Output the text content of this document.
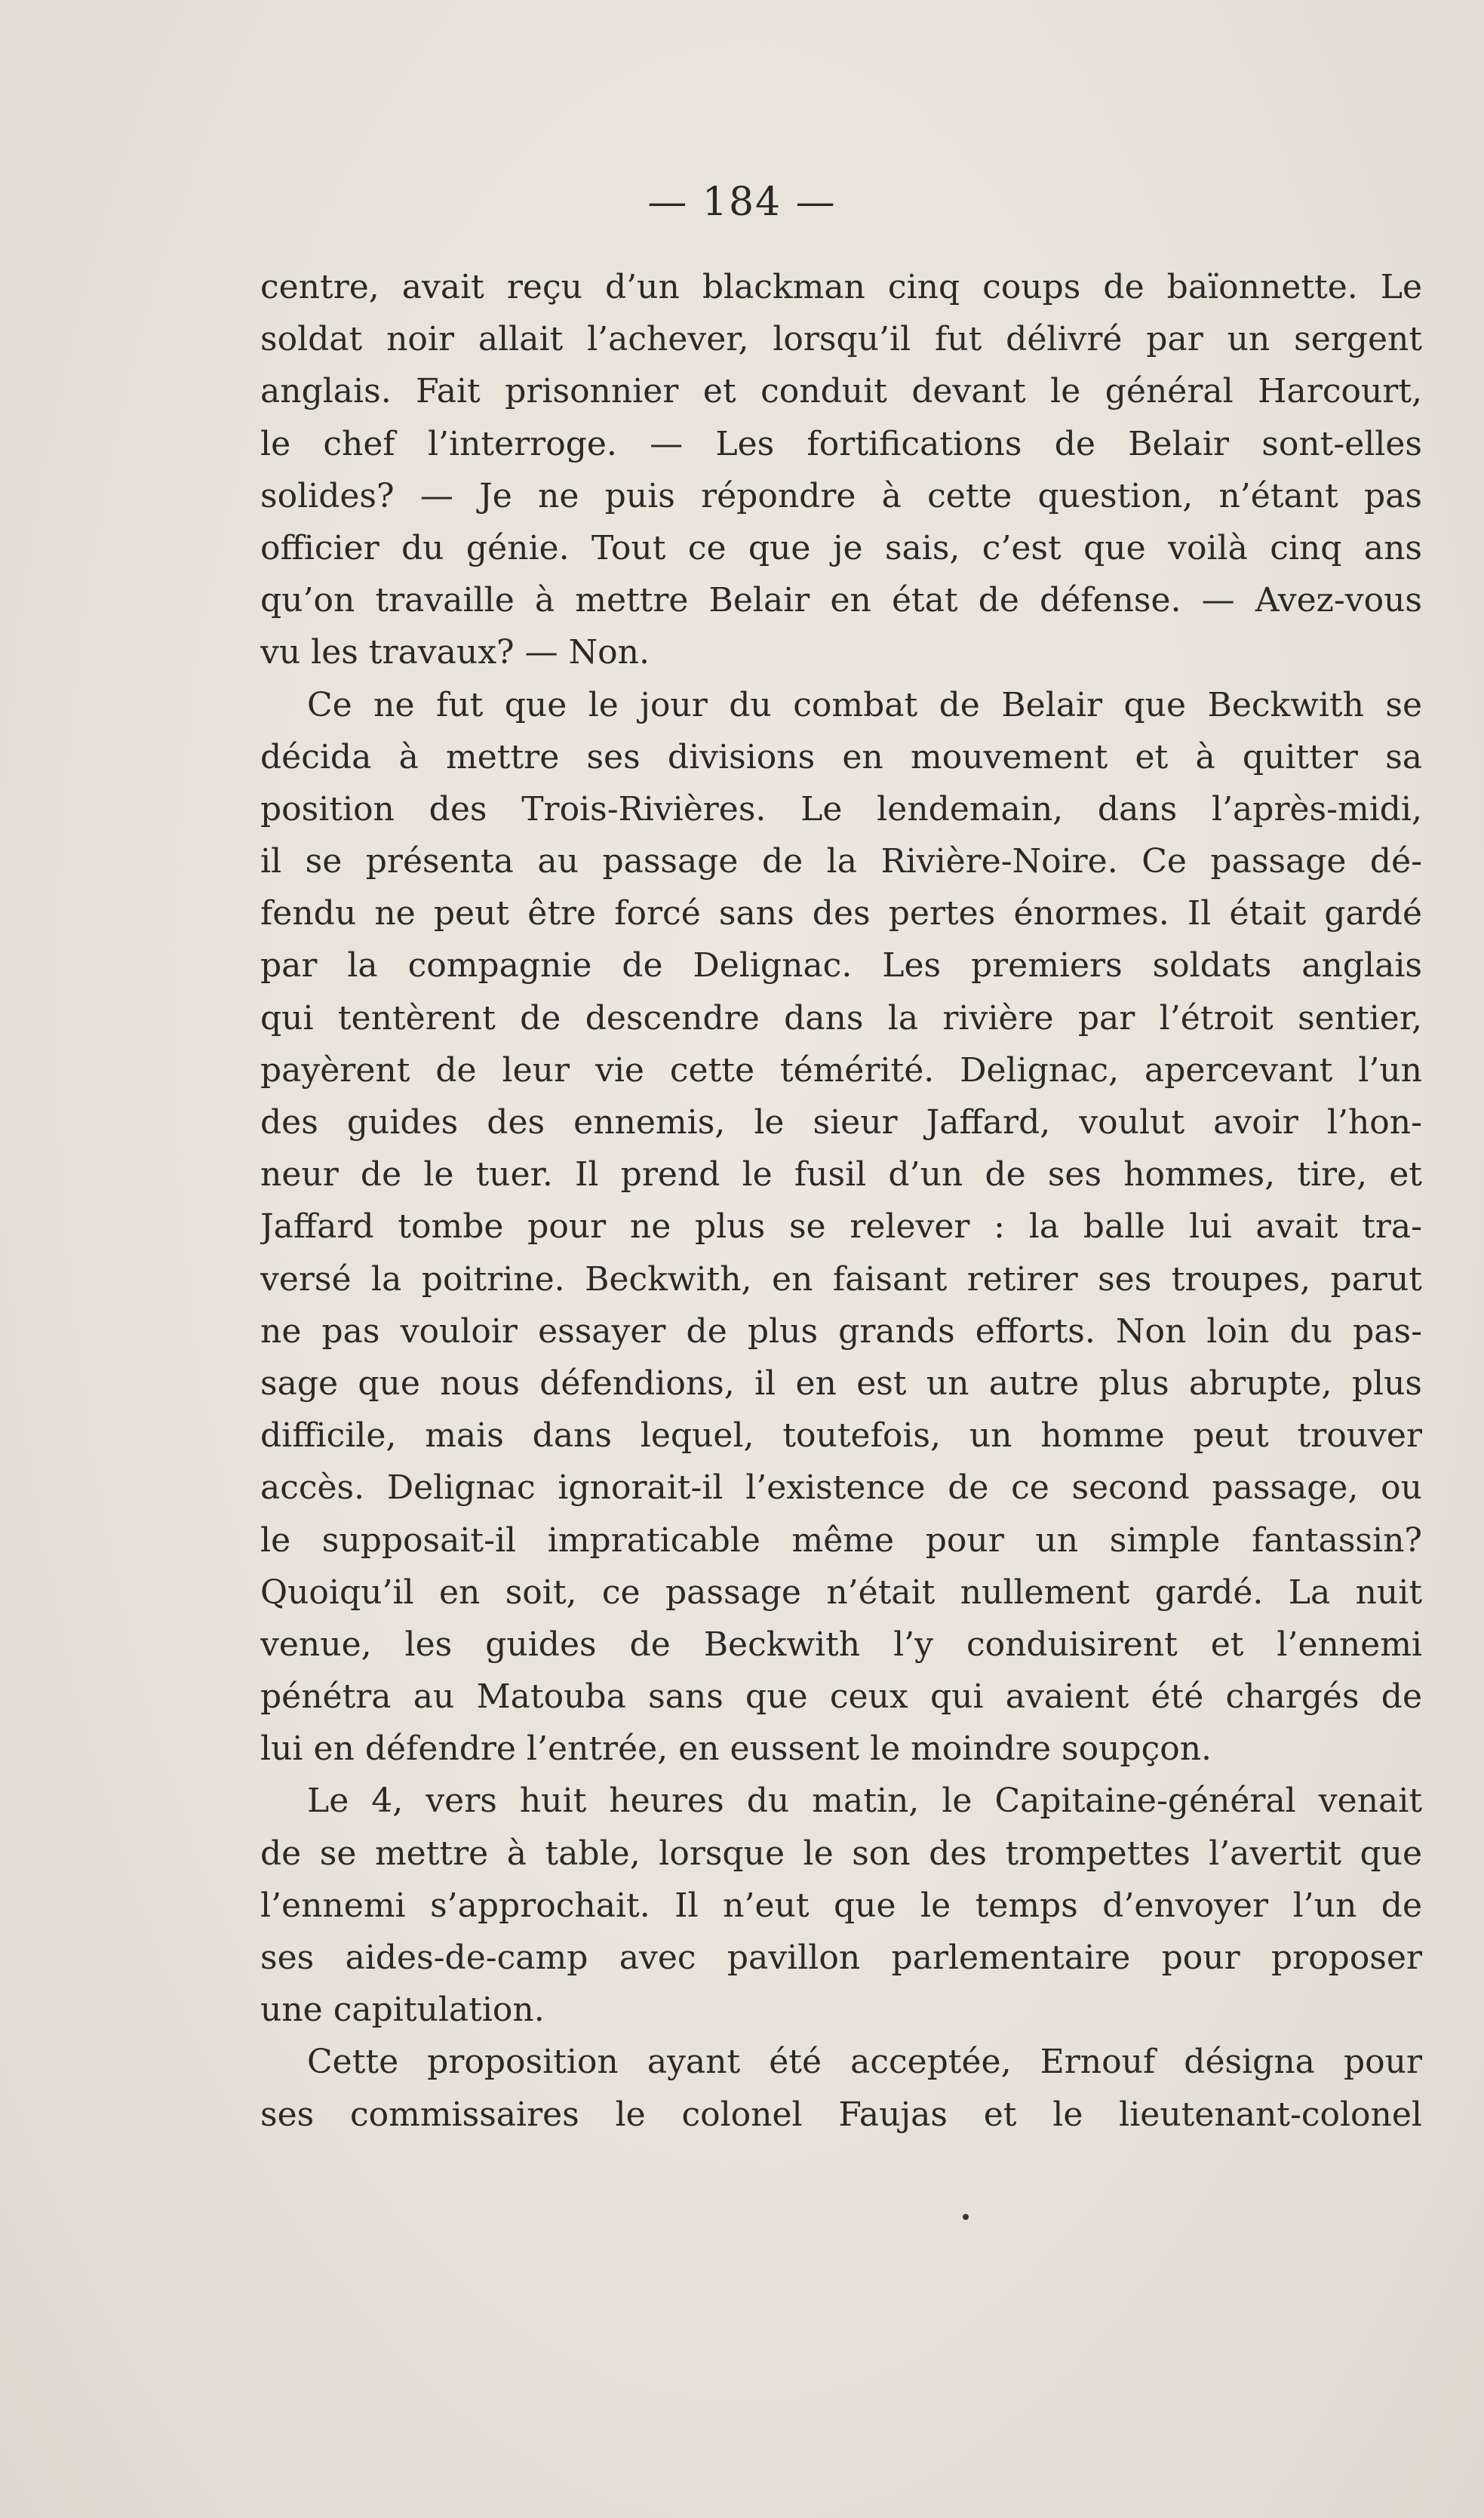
— 184 —
centre, avait reçu d’un blackman cinq coups de baïonnette. Le
soldat noir allait l’achever, lorsqu’il fut délivré par un sergent
anglais. Fait prisonnier et conduit devant le général Harcourt,
le chef l’interroge. — Les fortifications de Belair sont-elles
solides? — Je ne puis répondre à cette question, n’étant pas
officier du génie. Tout ce que je sais, c’est que voilà cinq ans
qu’on travaille à mettre Belair en état de défense. — Avez-vous
vu les travaux? — Non.
Ce ne fut que le jour du combat de Belair que Beckwith se
décida à mettre ses divisions en mouvement et à quitter sa
position des Trois-Rivières. Le lendemain, dans l’après-midi,
il se présenta au passage de la Rivière-Noire. Ce passage dé-
fendu ne peut être forcé sans des pertes énormes. Il était gardé
par la compagnie de Delignac. Les premiers soldats anglais
qui tentèrent de descendre dans la rivière par l’étroit sentier,
payèrent de leur vie cette témérité. Delignac, apercevant l’un
des guides des ennemis, le sieur Jaffard, voulut avoir l’hon-
neur de le tuer. Il prend le fusil d’un de ses hommes, tire, et
Jaffard tombe pour ne plus se relever : la balle lui avait tra-
versé la poitrine. Beckwith, en faisant retirer ses troupes, parut
ne pas vouloir essayer de plus grands efforts. Non loin du pas-
sage que nous défendions, il en est un autre plus abrupte, plus
difficile, mais dans lequel, toutefois, un homme peut trouver
accès. Delignac ignorait-il l’existence de ce second passage, ou
le supposait-il impraticable même pour un simple fantassin?
Quoiqu’il en soit, ce passage n’était nullement gardé. La nuit
venue, les guides de Beckwith l’y conduisirent et l’ennemi
pénétra au Matouba sans que ceux qui avaient été chargés de
lui en défendre l’entrée, en eussent le moindre soupçon.
Le 4, vers huit heures du matin, le Capitaine-général venait
de se mettre à table, lorsque le son des trompettes l’avertit que
l’ennemi s’approchait. Il n’eut que le temps d’envoyer l’un de
ses aides-de-camp avec pavillon parlementaire pour proposer
une capitulation.
Cette proposition ayant été acceptée, Ernouf désigna pour
ses commissaires le colonel Faujas et le lieutenant-colonel
